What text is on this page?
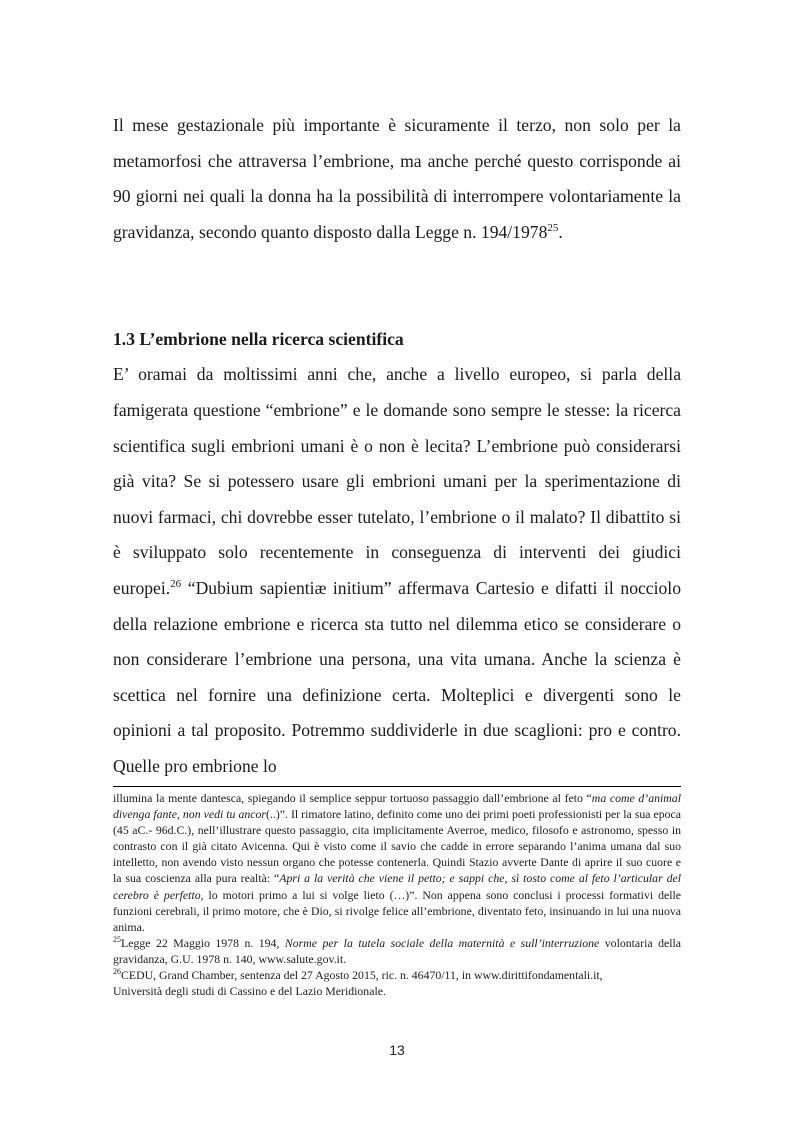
Il mese gestazionale più importante è sicuramente il terzo, non solo per la metamorfosi che attraversa l’embrione, ma anche perché questo corrisponde ai 90 giorni nei quali la donna ha la possibilità di interrompere volontariamente la gravidanza, secondo quanto disposto dalla Legge n. 194/1978$^{25}$.

1.3 L’embrione nella ricerca scientifica

E’ oramai da moltissimi anni che, anche a livello europeo, si parla della famigerata questione “embrione” e le domande sono sempre le stesse: la ricerca scientifica sugli embrioni umani è o non è lecita? L’embrione può considerarsi già vita? Se si potessero usare gli embrioni umani per la sperimentazione di nuovi farmaci, chi dovrebbe esser tutelato, l’embrione o il malato? Il dibattito si è sviluppato solo recentemente in conseguenza di interventi dei giudici europei.$^{26}$ “Dubium sapientiæ initium” affermava Cartesio e difatti il nocciolo della relazione embrione e ricerca sta tutto nel dilemma etico se considerare o non considerare l’embrione una persona, una vita umana. Anche la scienza è scettica nel fornire una definizione certa. Molteplici e divergenti sono le opinioni a tal proposito. Potremmo suddividerle in due scaglioni: pro e contro. Quelle pro embrione lo

illumina la mente dantesca, spiegando il semplice seppur tortuoso passaggio dall’embrione al feto “ma come d’animal divenga fante, non vedi tu ancor(..)”. Il rimatore latino, definito come uno dei primi poeti professionisti per la sua epoca (45 aC.- 96d.C.), nell’illustrare questo passaggio, cita implicitamente Averroe, medico, filosofo e astronomo, spesso in contrasto con il già citato Avicenna. Qui è visto come il savio che cadde in errore separando l’anima umana dal suo intelletto, non avendo visto nessun organo che potesse contenerla. Quindi Stazio avverte Dante di aprire il suo cuore e la sua coscienza alla pura realtà: “Apri a la verità che viene il petto; e sappi che, sì tosto come al feto l’articular del cerebro è perfetto, lo motori primo a lui si volge lieto (…)”. Non appena sono conclusi i processi formativi delle funzioni cerebrali, il primo motore, che è Dio, si rivolge felice all’embrione, diventato feto, insinuando in lui una nuova anima.

$^{25}$Legge 22 Maggio 1978 n. 194, Norme per la tutela sociale della maternità e sull’interruzione volontaria della gravidanza, G.U. 1978 n. 140, www.salute.gov.it.

$^{26}$CEDU, Grand Chamber, sentenza del 27 Agosto 2015, ric. n. 46470/11, in www.dirittifondamentali.it,
Università degli studi di Cassino e del Lazio Meridionale.

13
